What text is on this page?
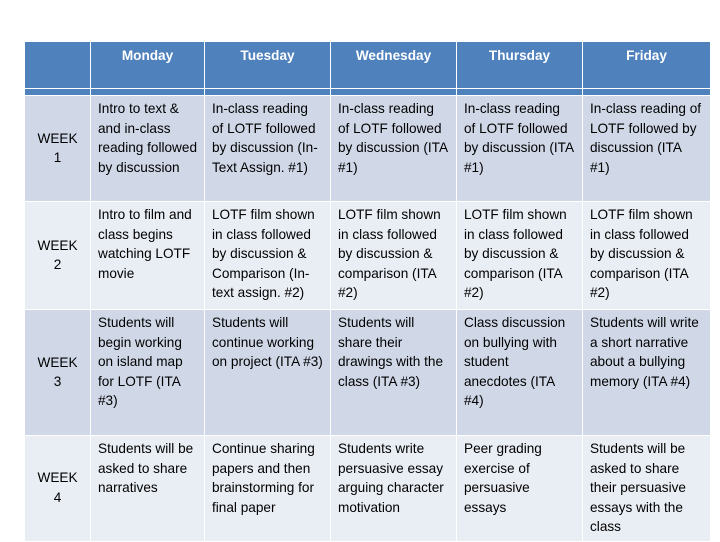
	Monday	Tuesday	Wednesday	Thursday	Friday

WEEK 1	Intro to text & and in-class reading followed by discussion	In-class reading of LOTF followed by discussion (In-Text Assign. #1)	In-class reading of LOTF followed by discussion (ITA #1)	In-class reading of LOTF followed by discussion (ITA #1)	In-class reading of LOTF followed by discussion (ITA #1)
WEEK 2	Intro to film and class begins watching LOTF movie	LOTF film shown in class followed by discussion & Comparison (In-text assign. #2)	LOTF film shown in class followed by discussion & comparison (ITA #2)	LOTF film shown in class followed by discussion & comparison (ITA #2)	LOTF film shown in class followed by discussion & comparison (ITA #2)
WEEK 3	Students will begin working on island map for LOTF (ITA #3)	Students will continue working on project (ITA #3)	Students will share their drawings with the class (ITA #3)	Class discussion on bullying with student anecdotes (ITA #4)	Students will write a short narrative about a bullying memory (ITA #4)
WEEK 4	Students will be asked to share narratives	Continue sharing papers and then brainstorming for final paper	Students write persuasive essay arguing character motivation	Peer grading exercise of persuasive essays	Students will be asked to share their persuasive essays with the class
